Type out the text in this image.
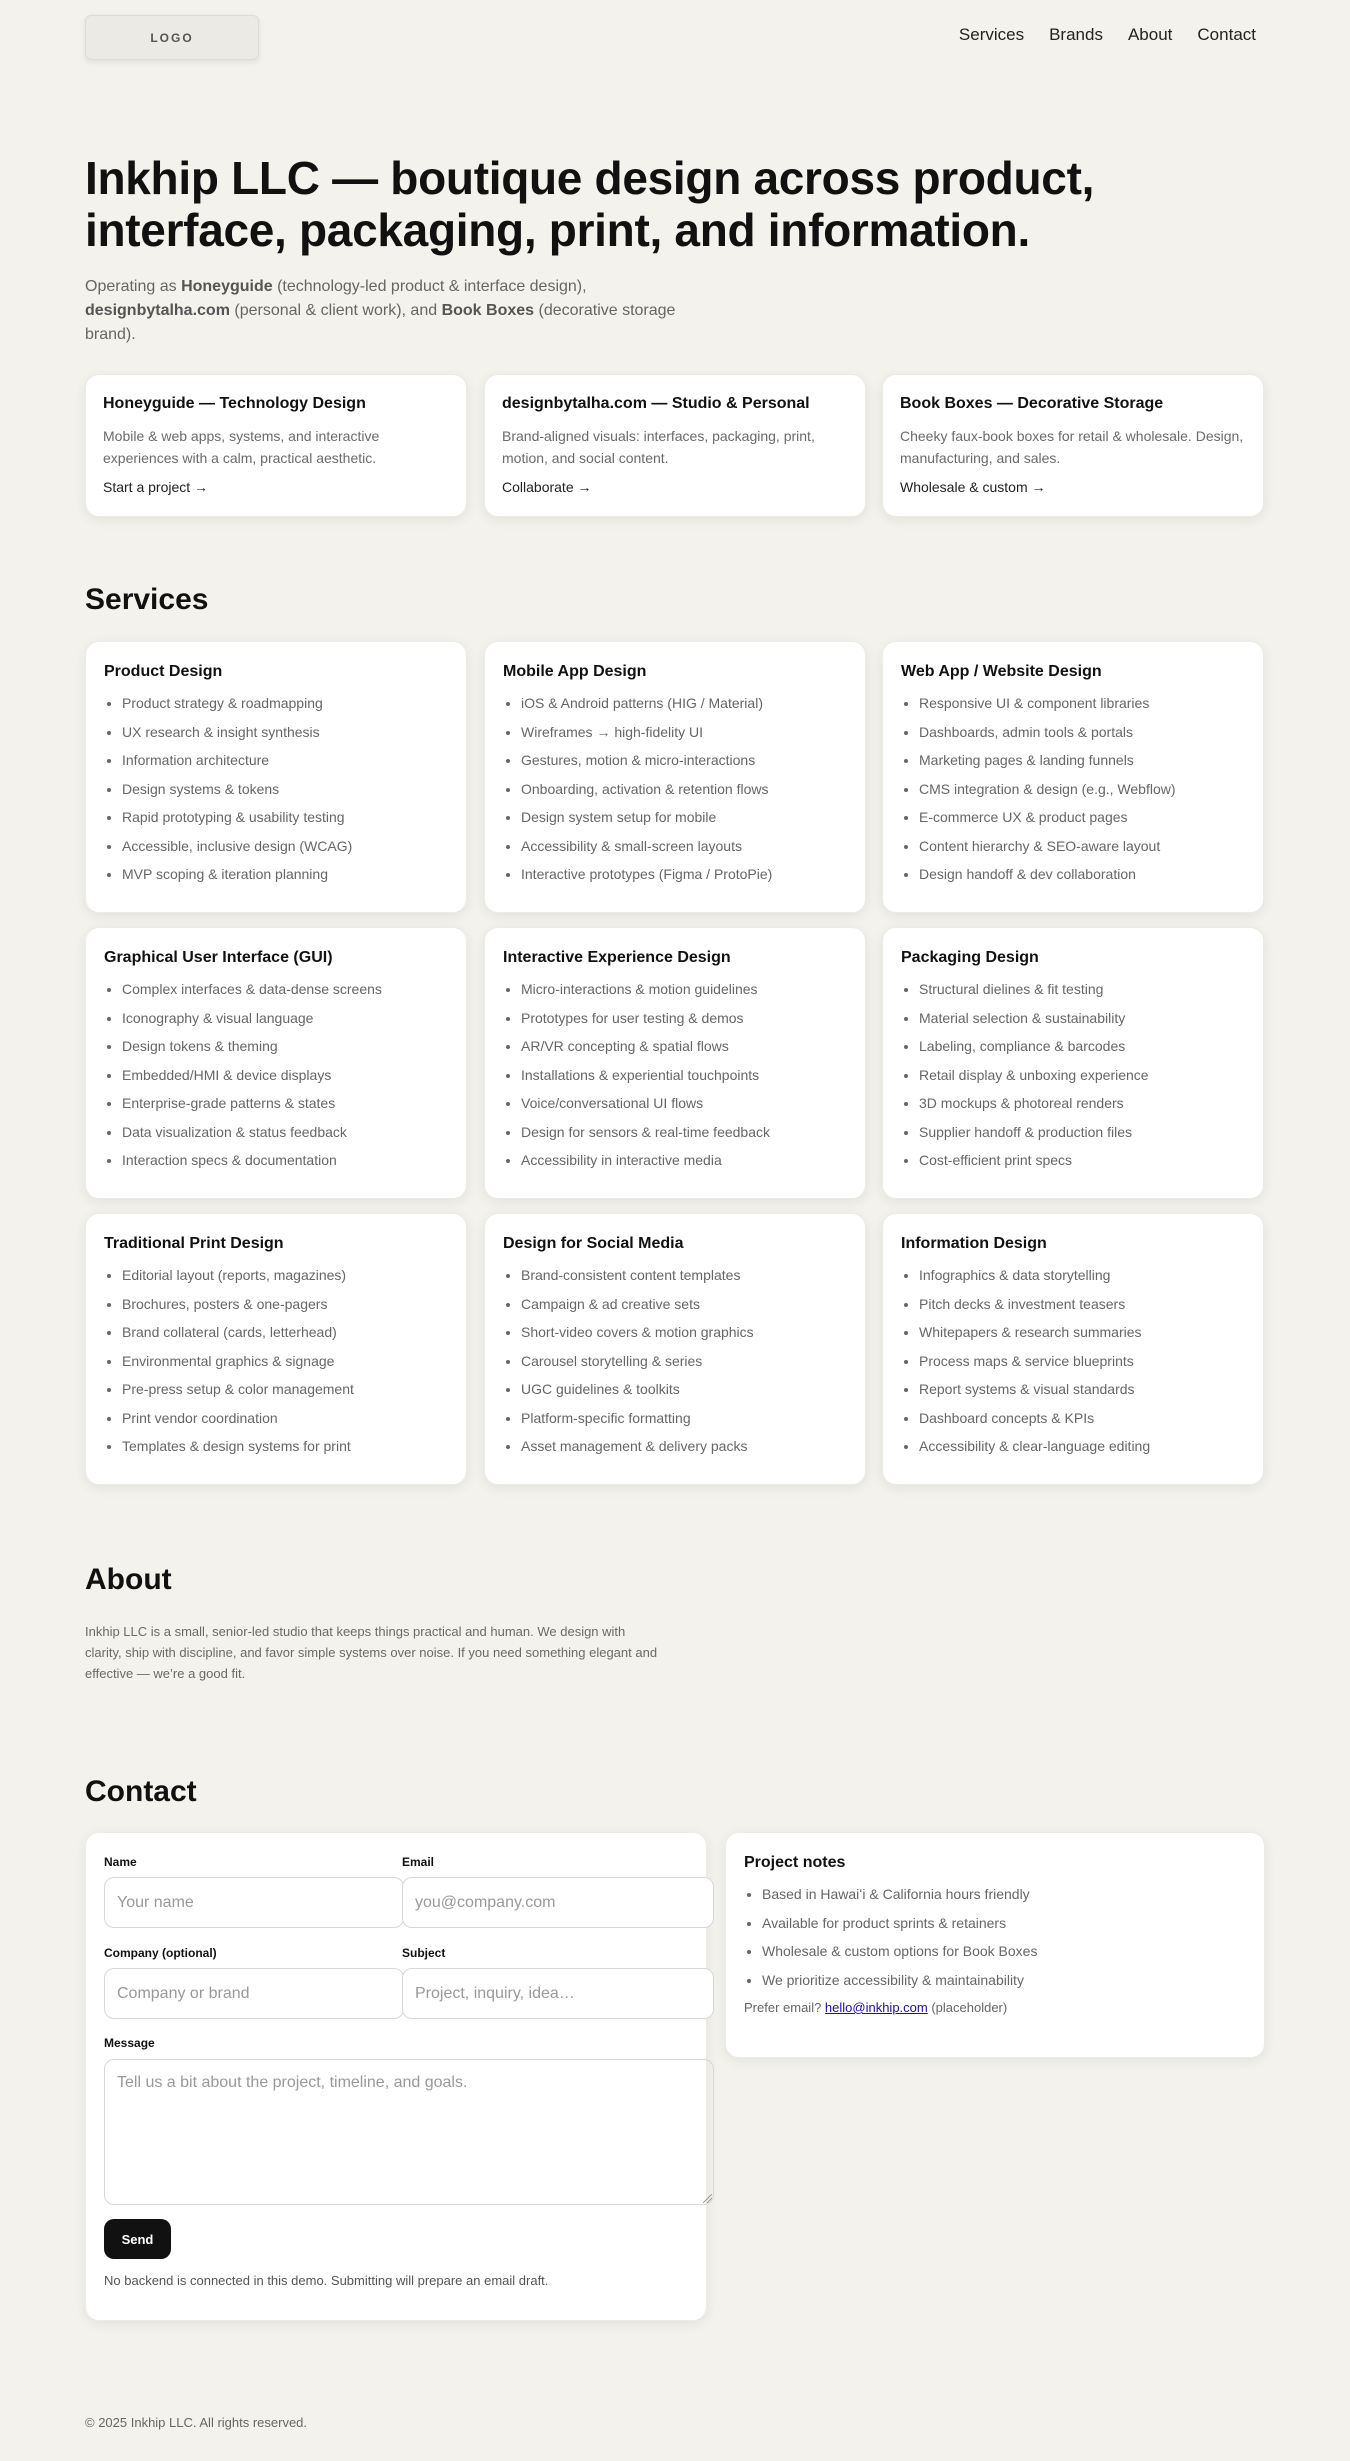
LOGO	Services Brands About Contact
Inkhip LLC — boutique design across product, interface, packaging, print, and information.

Operating as Honeyguide (technology-led product & interface design), designbytalha.com (personal & client work), and Book Boxes (decorative storage brand).

Honeyguide — Technology Design

Mobile & web apps, systems, and interactive experiences with a calm, practical aesthetic.

Start a project →
designbytalha.com — Studio & Personal

Brand-aligned visuals: interfaces, packaging, print, motion, and social content.

Collaborate →
Book Boxes — Decorative Storage

Cheeky faux-book boxes for retail & wholesale. Design, manufacturing, and sales.

Wholesale & custom →
Services
Product Design
• Product strategy & roadmapping
• UX research & insight synthesis
• Information architecture
• Design systems & tokens
• Rapid prototyping & usability testing
• Accessible, inclusive design (WCAG)
• MVP scoping & iteration planning
Mobile App Design
• iOS & Android patterns (HIG / Material)
• Wireframes → high‑fidelity UI
• Gestures, motion & micro‑interactions
• Onboarding, activation & retention flows
• Design system setup for mobile
• Accessibility & small‑screen layouts
• Interactive prototypes (Figma / ProtoPie)
Web App / Website Design
• Responsive UI & component libraries
• Dashboards, admin tools & portals
• Marketing pages & landing funnels
• CMS integration & design (e.g., Webflow)
• E‑commerce UX & product pages
• Content hierarchy & SEO‑aware layout
• Design handoff & dev collaboration
Graphical User Interface (GUI)
• Complex interfaces & data‑dense screens
• Iconography & visual language
• Design tokens & theming
• Embedded/HMI & device displays
• Enterprise‑grade patterns & states
• Data visualization & status feedback
• Interaction specs & documentation
Interactive Experience Design
• Micro‑interactions & motion guidelines
• Prototypes for user testing & demos
• AR/VR concepting & spatial flows
• Installations & experiential touchpoints
• Voice/conversational UI flows
• Design for sensors & real‑time feedback
• Accessibility in interactive media
Packaging Design
• Structural dielines & fit testing
• Material selection & sustainability
• Labeling, compliance & barcodes
• Retail display & unboxing experience
• 3D mockups & photoreal renders
• Supplier handoff & production files
• Cost‑efficient print specs
Traditional Print Design
• Editorial layout (reports, magazines)
• Brochures, posters & one‑pagers
• Brand collateral (cards, letterhead)
• Environmental graphics & signage
• Pre‑press setup & color management
• Print vendor coordination
• Templates & design systems for print
Design for Social Media
• Brand‑consistent content templates
• Campaign & ad creative sets
• Short‑video covers & motion graphics
• Carousel storytelling & series
• UGC guidelines & toolkits
• Platform‑specific formatting
• Asset management & delivery packs
Information Design
• Infographics & data storytelling
• Pitch decks & investment teasers
• Whitepapers & research summaries
• Process maps & service blueprints
• Report systems & visual standards
• Dashboard concepts & KPIs
• Accessibility & clear‑language editing
About

Inkhip LLC is a small, senior‑led studio that keeps things practical and human. We design with clarity, ship with discipline, and favor simple systems over noise. If you need something elegant and effective — we’re a good fit.

Contact
Name	Email
Your name	you@company.com
Company (optional)	Subject
Company or brand	Project, inquiry, idea…
Message
Tell us a bit about the project, timeline, and goals.
Send
No backend is connected in this demo. Submitting will prepare an email draft.
Project notes
• Based in Hawaiʻi & California hours friendly
• Available for product sprints & retainers
• Wholesale & custom options for Book Boxes
• We prioritize accessibility & maintainability

Prefer email? hello@inkhip.com (placeholder)

© 2025 Inkhip LLC. All rights reserved.
